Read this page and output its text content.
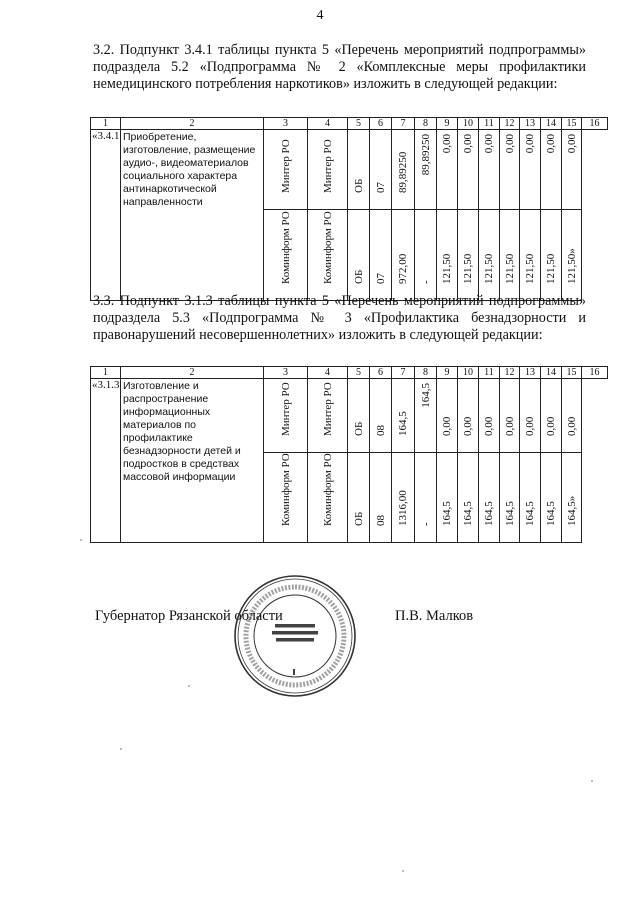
4
3.2. Подпункт 3.4.1 таблицы пункта 5 «Перечень мероприятий подпрограммы» подраздела 5.2 «Подпрограмма № 2 «Комплексные меры профилактики немедицинского потребления наркотиков» изложить в следующей редакции:
1	2	3	4	5	6	7	8	9	10	11	12	13	14	15	16
«3.4.1	Приобретение, изготовление, размещение аудио-, видеоматериалов социального характера антинаркотической направленности	Минтер РО	Минтер РО	ОБ	07	89,89250	89,89250	0,00	0,00	0,00	0,00	0,00	0,00	0,00	

		Коминформ РО	Коминформ РО	ОБ	07	972,00	-	121,50	121,50	121,50	121,50	121,50	121,50	121,50»	
3.3. Подпункт 3.1.3 таблицы пункта 5 «Перечень мероприятий подпрограммы» подраздела 5.3 «Подпрограмма № 3 «Профилактика безнадзорности и правонарушений несовершеннолетних» изложить в следующей редакции:
1	2	3	4	5	6	7	8	9	10	11	12	13	14	15	16
«3.1.3	Изготовление и распространение информационных материалов по профилактике безнадзорности детей и подростков в средствах массовой информации	Минтер РО	Минтер РО	ОБ	08	164,5	164,5	0,00	0,00	0,00	0,00	0,00	0,00	0,00	

		Коминформ РО	Коминформ РО	ОБ	08	1316,00	-	164,5	164,5	164,5	164,5	164,5	164,5	164,5»	
Губернатор Рязанской области	П.В. Малков
